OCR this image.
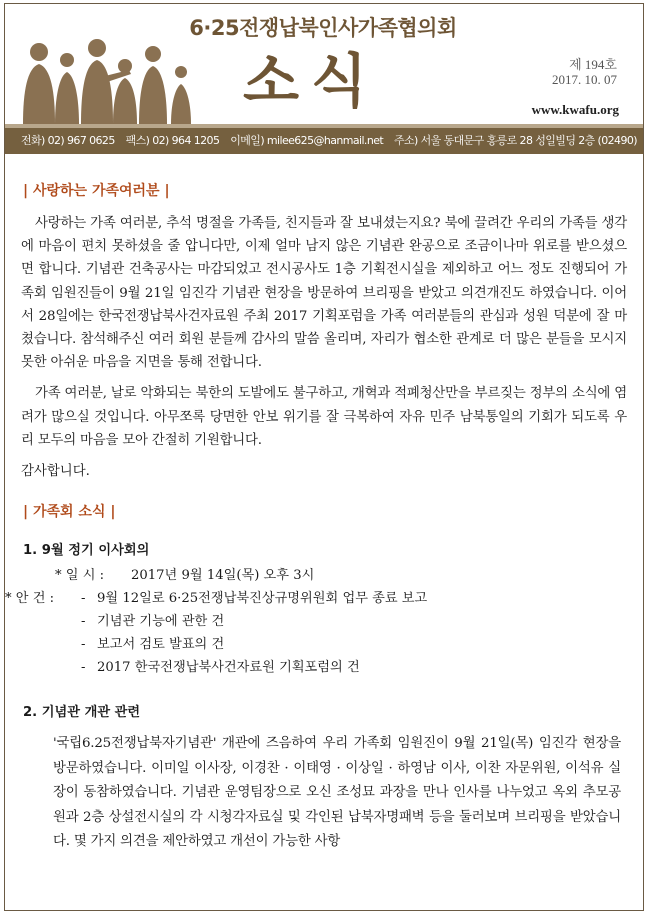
6·25전쟁납북인사가족협의회
소식	제 194호
2017. 10. 07
www.kwafu.org
전화) 02) 967 0625 팩스) 02) 964 1205 이메일) milee625@hanmail.net 주소) 서울 동대문구 홍릉로 28 성일빌딩 2층 (02490)
| 사랑하는 가족여러분 |

사랑하는 가족 여러분, 추석 명절을 가족들, 친지들과 잘 보내셨는지요? 북에 끌려간 우리의 가족들 생각에 마음이 편치 못하셨을 줄 압니다만, 이제 얼마 남지 않은 기념관 완공으로 조금이나마 위로를 받으셨으면 합니다. 기념관 건축공사는 마감되었고 전시공사도 1층 기획전시실을 제외하고 어느 정도 진행되어 가족회 임원진들이 9월 21일 임진각 기념관 현장을 방문하여 브리핑을 받았고 의견개진도 하였습니다. 이어서 28일에는 한국전쟁납북사건자료원 주최 2017 기획포럼을 가족 여러분들의 관심과 성원 덕분에 잘 마쳤습니다. 참석해주신 여러 회원 분들께 감사의 말씀 올리며, 자리가 협소한 관계로 더 많은 분들을 모시지 못한 아쉬운 마음을 지면을 통해 전합니다.

가족 여러분, 날로 악화되는 북한의 도발에도 불구하고, 개혁과 적폐청산만을 부르짖는 정부의 소식에 염려가 많으실 것입니다. 아무쪼록 당면한 안보 위기를 잘 극복하여 자유 민주 남북통일의 기회가 되도록 우리 모두의 마음을 모아 간절히 기원합니다.

감사합니다.

| 가족회 소식 |
1. 9월 정기 이사회의
* 일 시 : 2017년 9월 14일(목) 오후 3시
* 안 건 : - 9월 12일로 6·25전쟁납북진상규명위원회 업무 종료 보고
- 기념관 기능에 관한 건
- 보고서 검토 발표의 건
- 2017 한국전쟁납북사건자료원 기획포럼의 건
2. 기념관 개관 관련

'국립6.25전쟁납북자기념관' 개관에 즈음하여 우리 가족회 임원진이 9월 21일(목) 임진각 현장을 방문하였습니다. 이미일 이사장, 이경찬 · 이태영 · 이상일 · 하영남 이사, 이찬 자문위원, 이석유 실장이 동참하였습니다. 기념관 운영팀장으로 오신 조성묘 과장을 만나 인사를 나누었고 옥외 추모공원과 2층 상설전시실의 각 시청각자료실 및 각인된 납북자명패벽 등을 둘러보며 브리핑을 받았습니다. 몇 가지 의견을 제안하였고 개선이 가능한 사항
